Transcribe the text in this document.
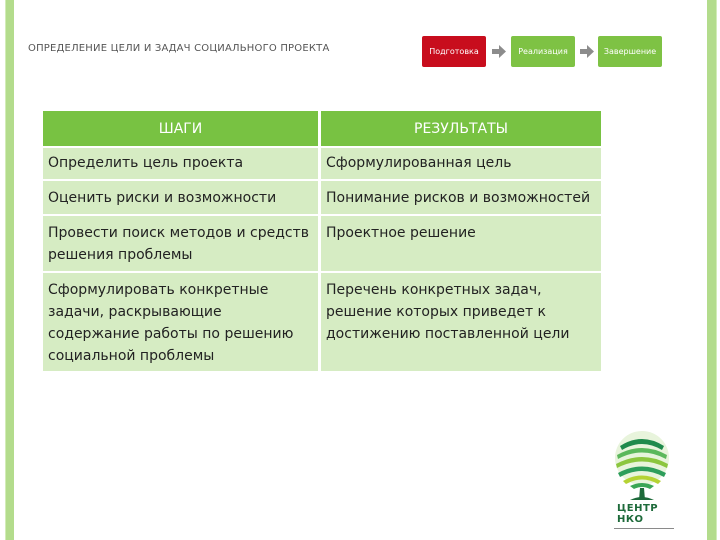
ОПРЕДЕЛЕНИЕ ЦЕЛИ И ЗАДАЧ СОЦИАЛЬНОГО ПРОЕКТА	Подготовка	Реализация	Завершение
ШАГИ	РЕЗУЛЬТАТЫ
Определить цель проекта	Сформулированная цель
Оценить риски и возможности	Понимание рисков и возможностей
Провести поиск методов и средств решения проблемы	Проектное решение
Сформулировать конкретные задачи, раскрывающие содержание работы по решению социальной проблемы	Перечень конкретных задач, решение которых приведет к достижению поставленной цели
ЦЕНТР
НКО
